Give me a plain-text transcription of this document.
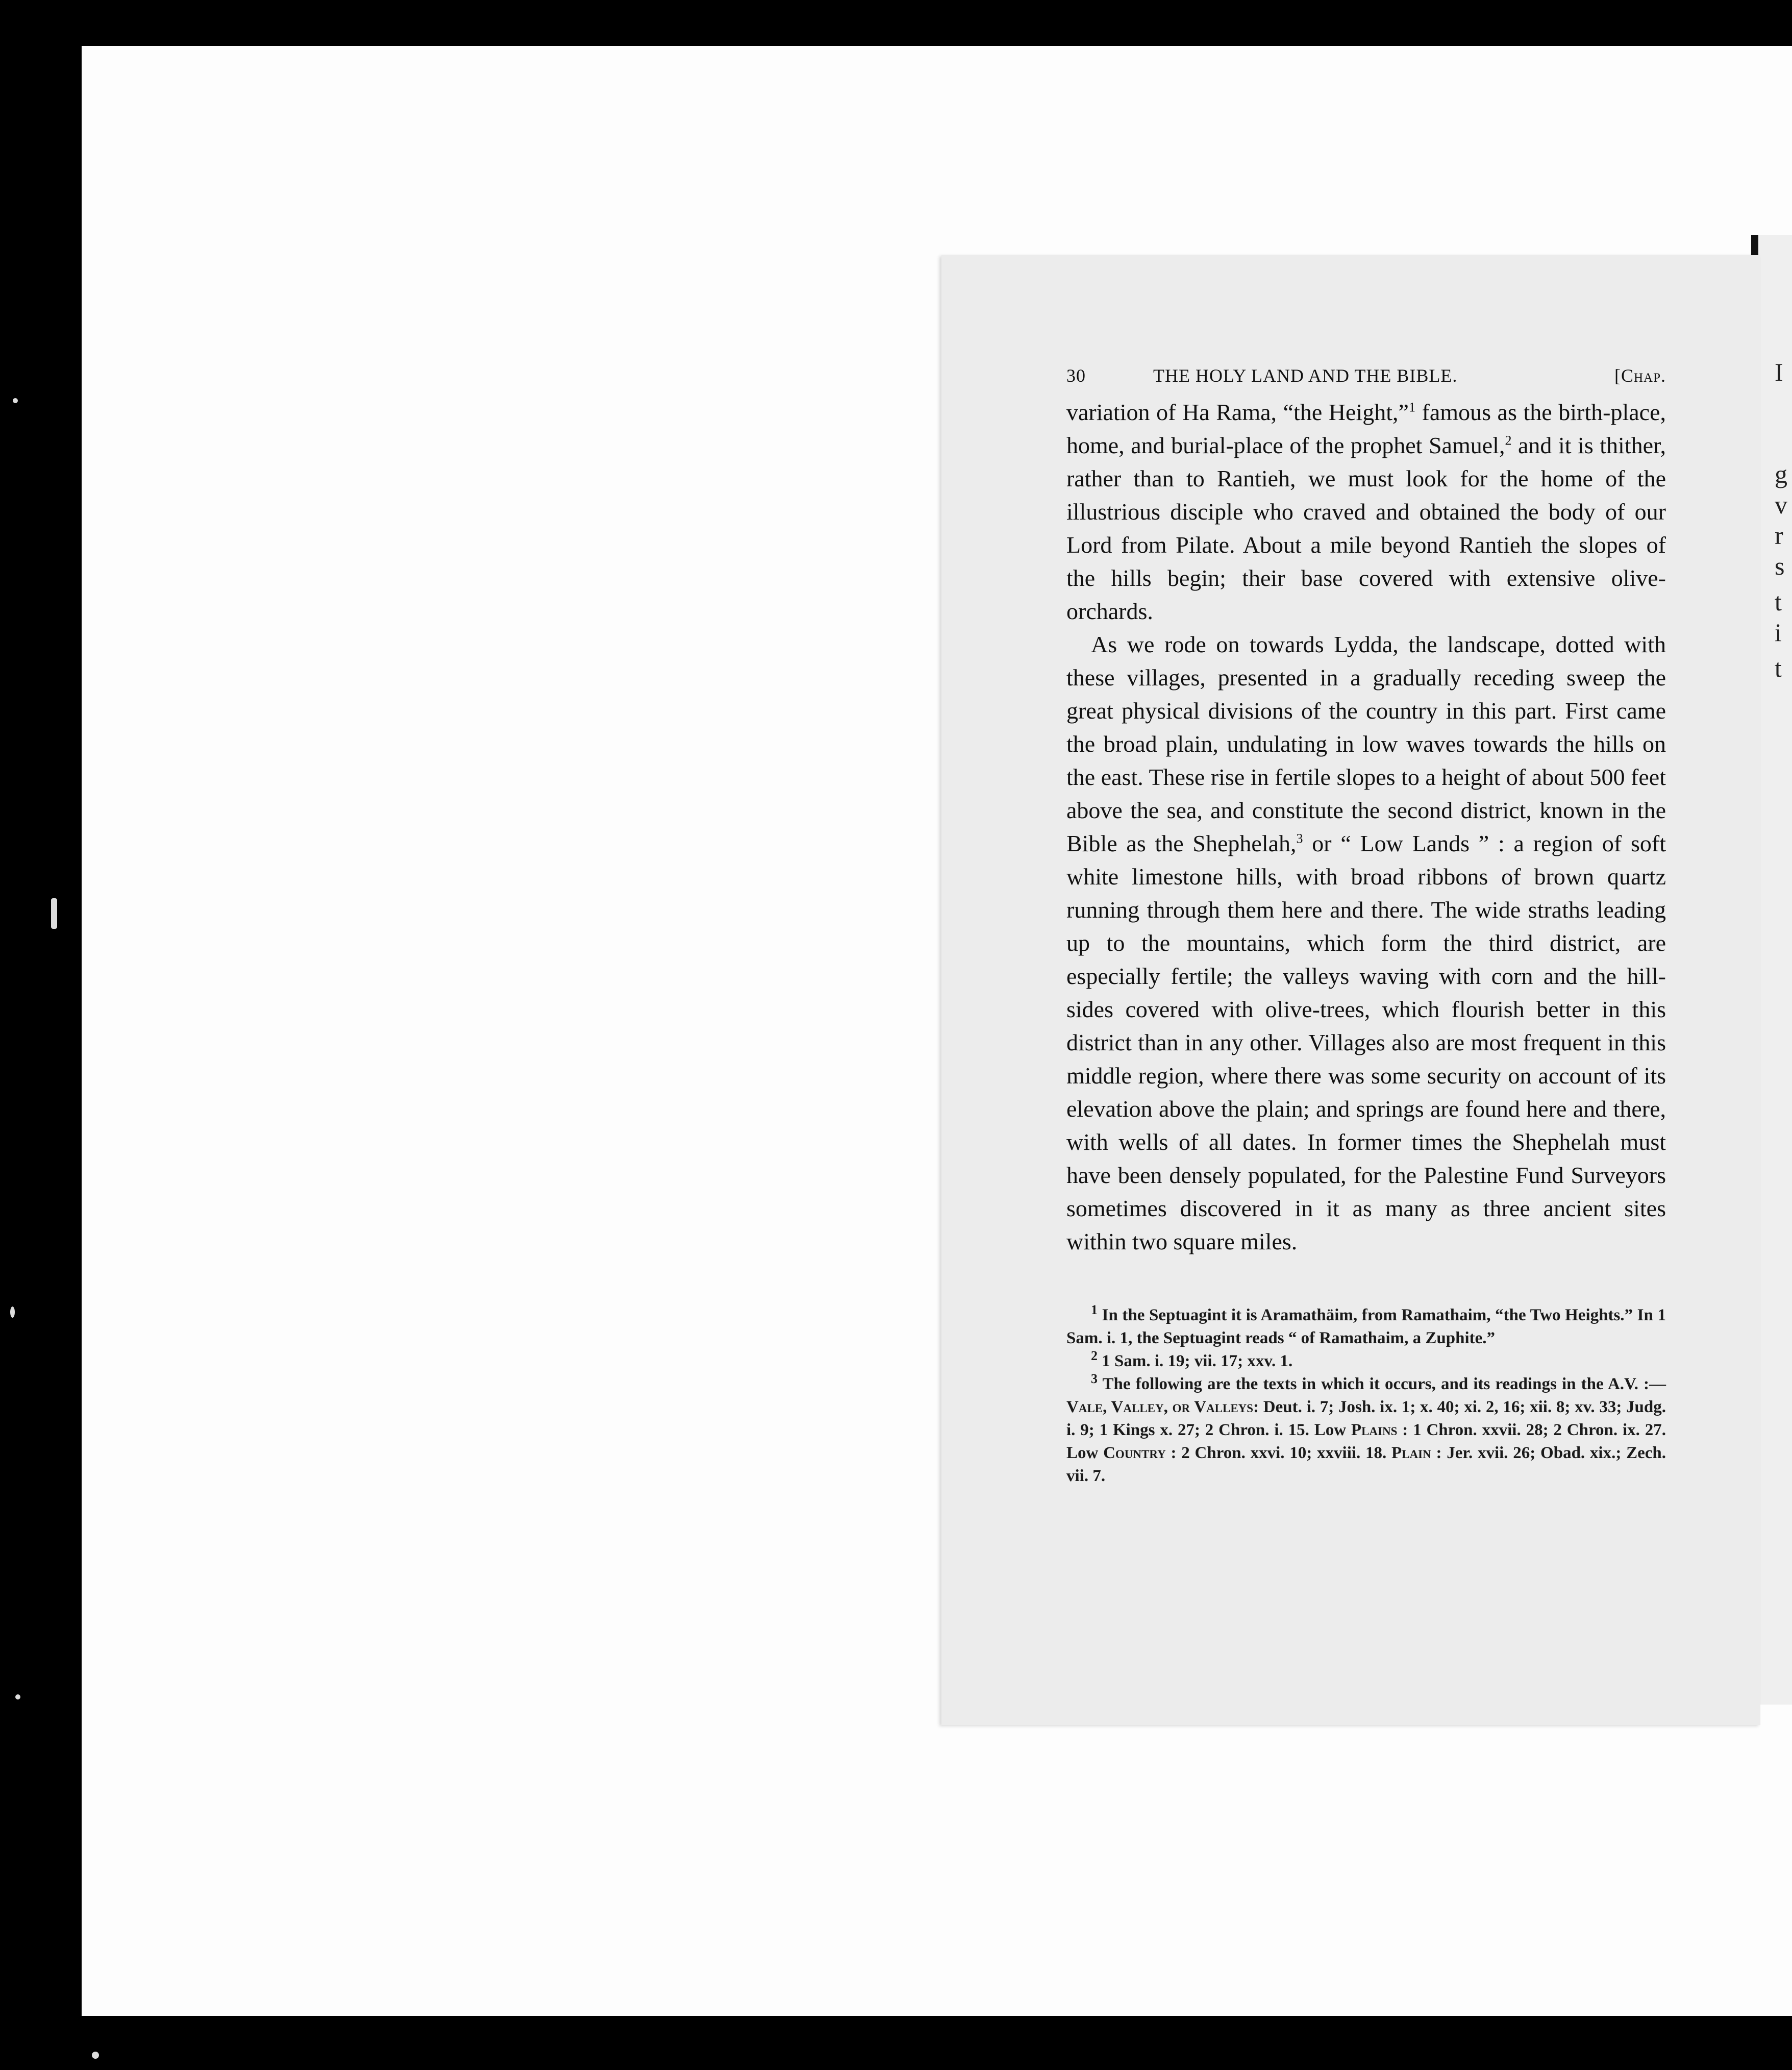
I
g
v
r
s
t
i
t
30	THE HOLY LAND AND THE BIBLE.	[Chap.

variation of Ha Rama, “the Height,”$^1$ famous as the birth-place, home, and burial-place of the prophet Samuel,$^2$ and it is thither, rather than to Rantieh, we must look for the home of the illustrious disciple who craved and obtained the body of our Lord from Pilate. About a mile beyond Rantieh the slopes of the hills begin; their base covered with extensive olive-orchards.

As we rode on towards Lydda, the landscape, dotted with these villages, presented in a gradually receding sweep the great physical divisions of the country in this part. First came the broad plain, undulating in low waves towards the hills on the east. These rise in fertile slopes to a height of about 500 feet above the sea, and constitute the second district, known in the Bible as the Shephelah,$^3$ or “ Low Lands ” : a region of soft white limestone hills, with broad ribbons of brown quartz running through them here and there. The wide straths leading up to the mountains, which form the third district, are especially fertile; the valleys waving with corn and the hill-sides covered with olive-trees, which flourish better in this district than in any other. Villages also are most frequent in this middle region, where there was some security on account of its elevation above the plain; and springs are found here and there, with wells of all dates. In former times the Shephelah must have been densely populated, for the Palestine Fund Surveyors sometimes discovered in it as many as three ancient sites within two square miles.

$^1$ In the Septuagint it is Aramathäim, from Ramathaim, “the Two Heights.” In 1 Sam. i. 1, the Septuagint reads “ of Ramathaim, a Zuphite.”

$^2$ 1 Sam. i. 19; vii. 17; xxv. 1.

$^3$ The following are the texts in which it occurs, and its readings in the A.V. :—Vale, Valley, or Valleys: Deut. i. 7; Josh. ix. 1; x. 40; xi. 2, 16; xii. 8; xv. 33; Judg. i. 9; 1 Kings x. 27; 2 Chron. i. 15. Low Plains : 1 Chron. xxvii. 28; 2 Chron. ix. 27. Low Country : 2 Chron. xxvi. 10; xxviii. 18. Plain : Jer. xvii. 26; Obad. xix.; Zech. vii. 7.
